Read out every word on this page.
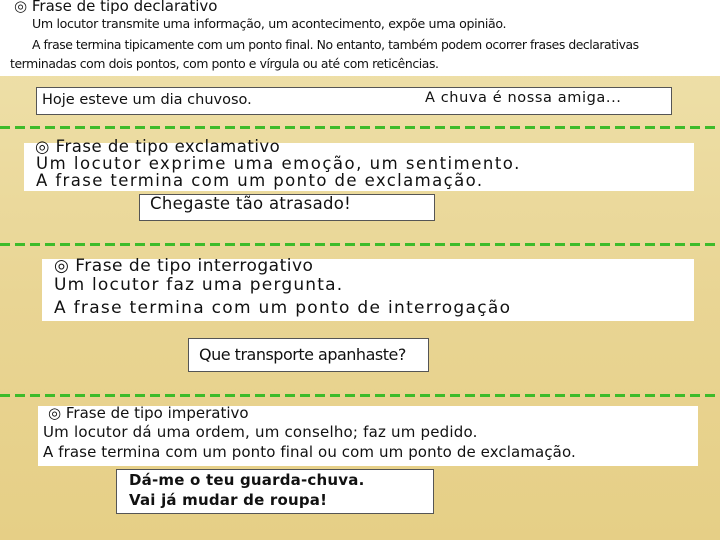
◎ Frase de tipo declarativo
Um locutor transmite uma informação, um acontecimento, expõe uma opinião.
A frase termina tipicamente com um ponto final. No entanto, também podem ocorrer frases declarativas
terminadas com dois pontos, com ponto e vírgula ou até com reticências.
Hoje esteve um dia chuvoso.	A chuva é nossa amiga...
◎ Frase de tipo exclamativo
Um locutor exprime uma emoção, um sentimento.
A frase termina com um ponto de exclamação.
Chegaste tão atrasado!
◎ Frase de tipo interrogativo
Um locutor faz uma pergunta.
A frase termina com um ponto de interrogação
Que transporte apanhaste?
◎ Frase de tipo imperativo
Um locutor dá uma ordem, um conselho; faz um pedido.
A frase termina com um ponto final ou com um ponto de exclamação.
Dá-me o teu guarda-chuva.
Vai já mudar de roupa!
